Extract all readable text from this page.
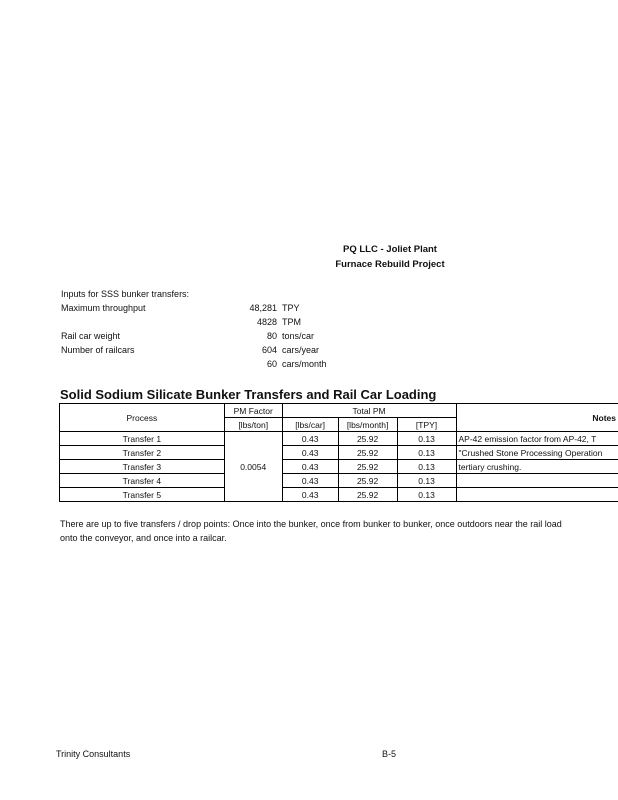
PQ LLC - Joliet Plant
Furnace Rebuild Project
Inputs for SSS bunker transfers:
Maximum throughput	48,281 TPY
4828 TPM
Rail car weight	80 tons/car
Number of railcars	604 cars/year
60 cars/month
Solid Sodium Silicate Bunker Transfers and Rail Car Loading
Process	PM Factor	Total PM			Notes
	[lbs/ton]	[lbs/car]	[lbs/month]	[TPY]	
Transfer 1	0.0054	0.43	25.92	0.13	AP-42 emission factor from AP-42, T
Transfer 2		0.43	25.92	0.13	"Crushed Stone Processing Operation
Transfer 3		0.43	25.92	0.13	tertiary crushing.
Transfer 4		0.43	25.92	0.13	
Transfer 5		0.43	25.92	0.13	
There are up to five transfers / drop points: Once into the bunker, once from bunker to bunker, once outdoors near the rail load
onto the conveyor, and once into a railcar.
Trinity Consultants	B-5
